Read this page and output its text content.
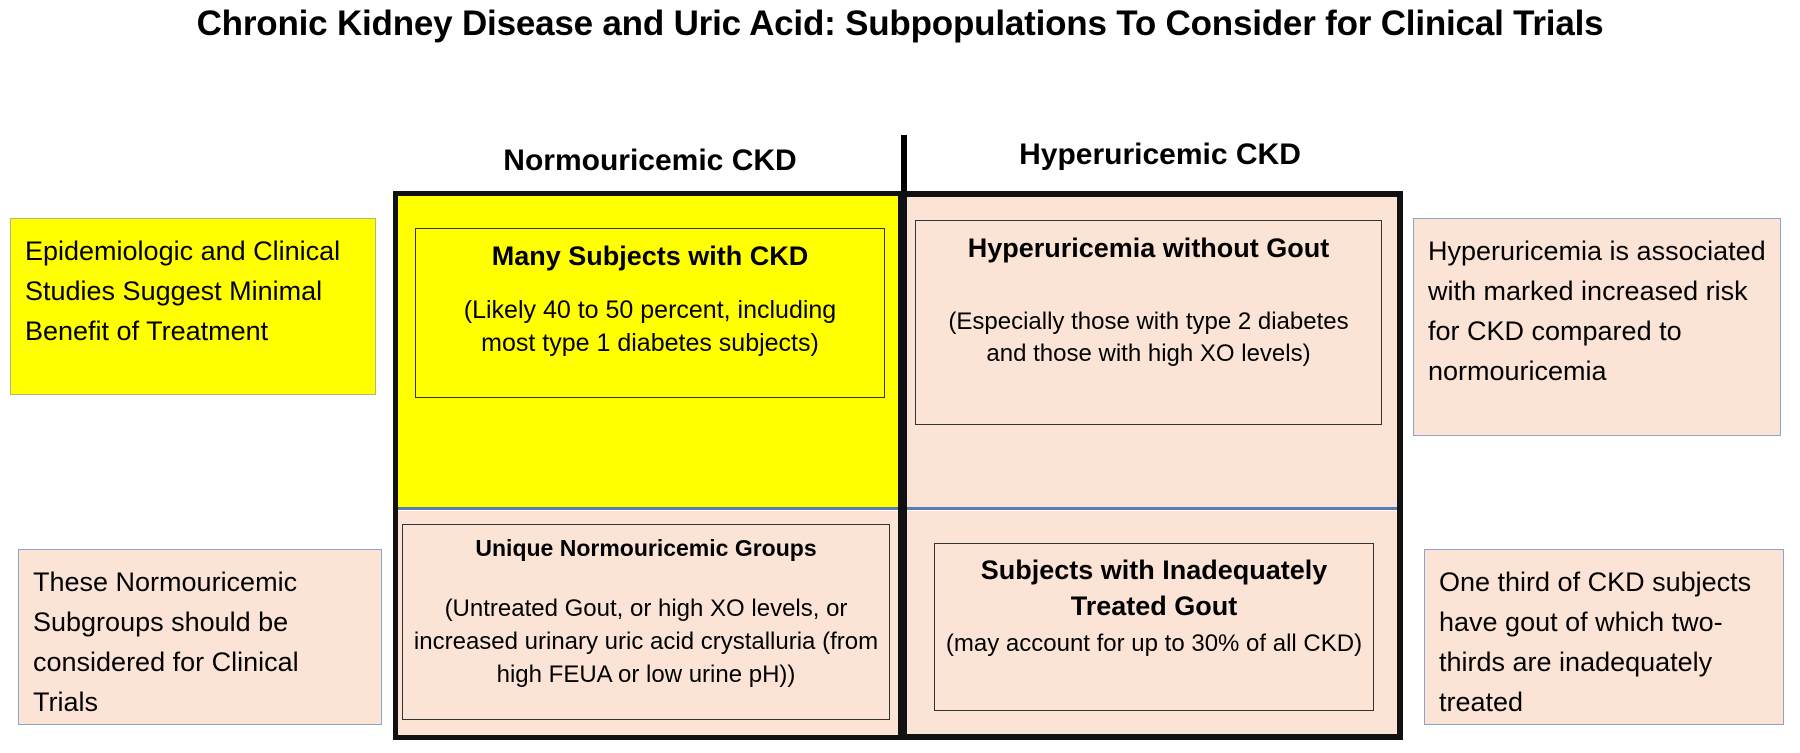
Chronic Kidney Disease and Uric Acid: Subpopulations To Consider for Clinical Trials
Normouricemic CKD	Hyperuricemic CKD
Many Subjects with CKD
(Likely 40 to 50 percent, including most type 1 diabetes subjects)
Hyperuricemia without Gout
(Especially those with type 2 diabetes and those with high XO levels)
Unique Normouricemic Groups
(Untreated Gout, or high XO levels, or increased urinary uric acid crystalluria (from high FEUA or low urine pH))
Subjects with Inadequately Treated Gout
(may account for up to 30% of all CKD)
Epidemiologic and Clinical Studies Suggest Minimal Benefit of Treatment
These Normouricemic Subgroups should be considered for Clinical Trials
Hyperuricemia is associated with marked increased risk for CKD compared to normouricemia
One third of CKD subjects have gout of which two-thirds are inadequately treated
